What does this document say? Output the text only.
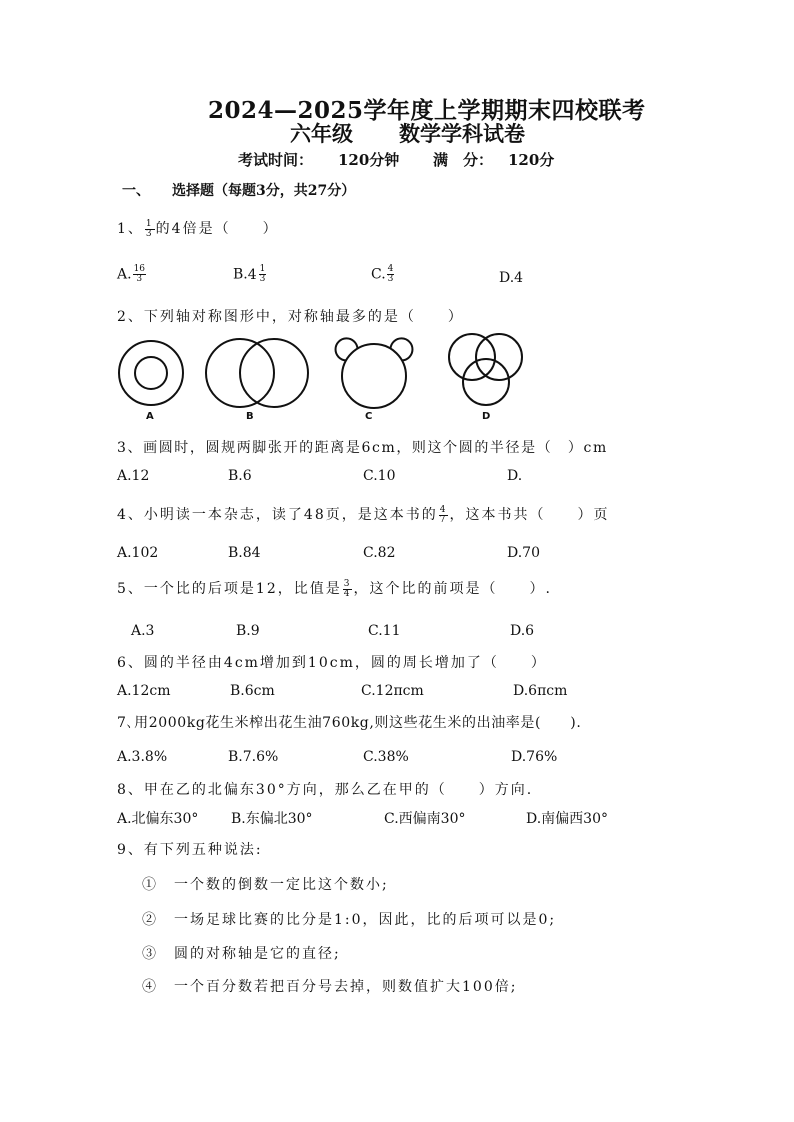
2024—2025学年度上学期期末四校联考
六年级 数学学科试卷
考试时间： 120分钟 满　分： 120分
一、 选择题（每题3分，共27分）
1、 $\frac{1}{3}$ 的4倍是（　　）
A. $\frac{16}{3}$	$B.4 \frac{1}{3}$	C. $\frac{4}{3}$	D.4
2、下列轴对称图形中，对称轴最多的是（　　）
A	B	C	D
3、画圆时，圆规两脚张开的距离是6cm，则这个圆的半径是（　）cm
A.12	B.6	C.10	D.
4、小明读一本杂志，读了48页，是这本书的 $\frac{4}{7}$ ，这本书共（　　）页
A.102	B.84	C.82	D.70
5、一个比的后项是12，比值是 $\frac{3}{4}$ ，这个比的前项是（　　）.
A.3	B.9	C.11	D.6
6、圆的半径由4cm增加到10cm，圆的周长增加了（　　）
A.12cm	B.6cm	C.12πcm	D.6πcm
7､用2000kg花生米榨出花生油760kg,则这些花生米的出油率是(　　).
A.3.8%	B.7.6%	C.38%	D.76%
8、甲在乙的北偏东30°方向，那么乙在甲的（　　）方向.
A.北偏东30° B.东偏北30°	C.西偏南30°	D.南偏西30°
9、有下列五种说法:
①　一个数的倒数一定比这个数小;
②　一场足球比赛的比分是1:0，因此，比的后项可以是0;
③　圆的对称轴是它的直径;
④　一个百分数若把百分号去掉，则数值扩大100倍;
